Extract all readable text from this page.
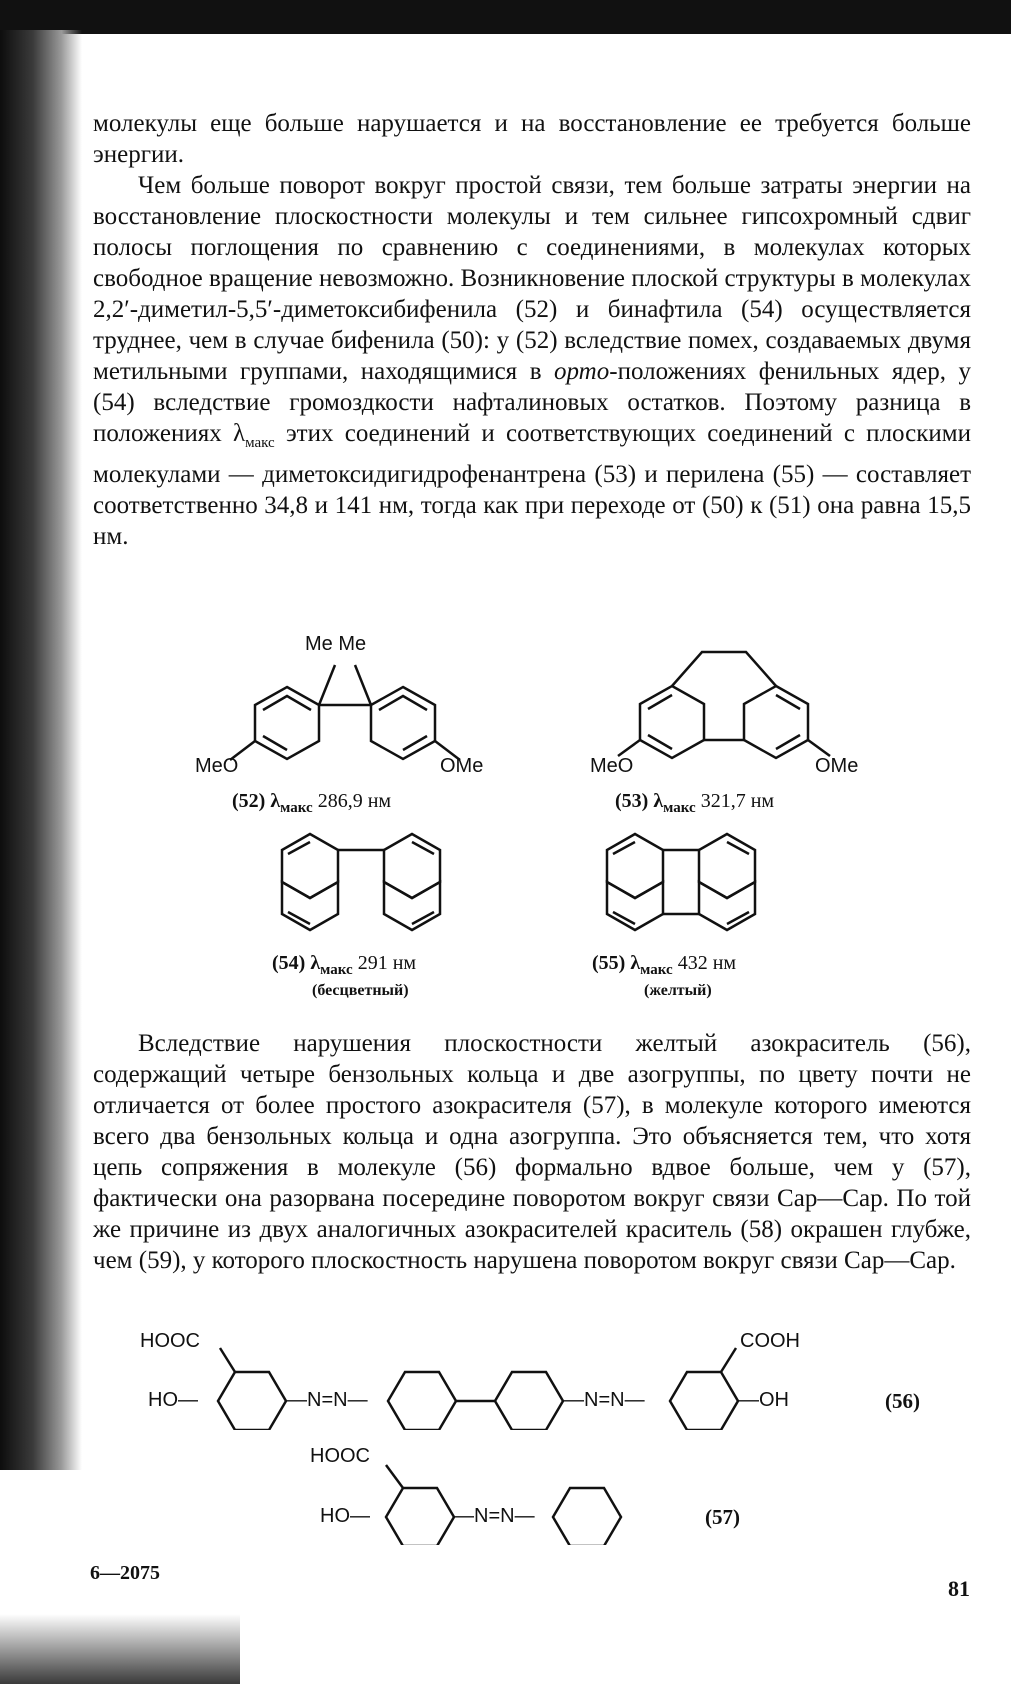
молекулы еще больше нарушается и на восстановление ее требуется больше энергии.

Чем больше поворот вокруг простой связи, тем больше затраты энергии на восстановление плоскостности молекулы и тем сильнее гипсохромный сдвиг полосы поглощения по сравнению с соединениями, в молекулах которых свободное вращение невозможно. Возникновение плоской структуры в молекулах 2,2′-диметил-5,5′-диметоксибифенила (52) и бинафтила (54) осуществляется труднее, чем в случае бифенила (50): у (52) вследствие помех, создаваемых двумя метильными группами, находящимися в орто-положениях фенильных ядер, у (54) вследствие громоздкости нафталиновых остатков. Поэтому разница в положениях $\lambda_{макс}$ этих соединений и соответствующих соединений с плоскими молекулами — диметоксидигидрофенантрена (53) и перилена (55) — составляет соответственно 34,8 и 141 нм, тогда как при переходе от (50) к (51) она равна 15,5 нм.

Me Me
MeO	OMe
(52) $\lambda_{макс}$ 286,9 нм
MeO	OMe
(53) $\lambda_{макс}$ 321,7 нм
(54) $\lambda_{макс}$ 291 нм
(бесцветный)
(55) $\lambda_{макс}$ 432 нм
(желтый)

Вследствие нарушения плоскостности желтый азокраситель (56), содержащий четыре бензольных кольца и две азогруппы, по цвету почти не отличается от более простого азокрасителя (57), в молекуле которого имеются всего два бензольных кольца и одна азогруппа. Это объясняется тем, что хотя цепь сопряжения в молекуле (56) формально вдвое больше, чем у (57), фактически она разорвана посередине поворотом вокруг связи Cар—Cар. По той же причине из двух аналогичных азокрасителей краситель (58) окрашен глубже, чем (59), у которого плоскостность нарушена поворотом вокруг связи Cар—Cар.

HOOC	COOH
HO—	—N=N—	—N=N—	—OH	(56)
HOOC
HO—	—N=N—	(57)
6—2075
81
